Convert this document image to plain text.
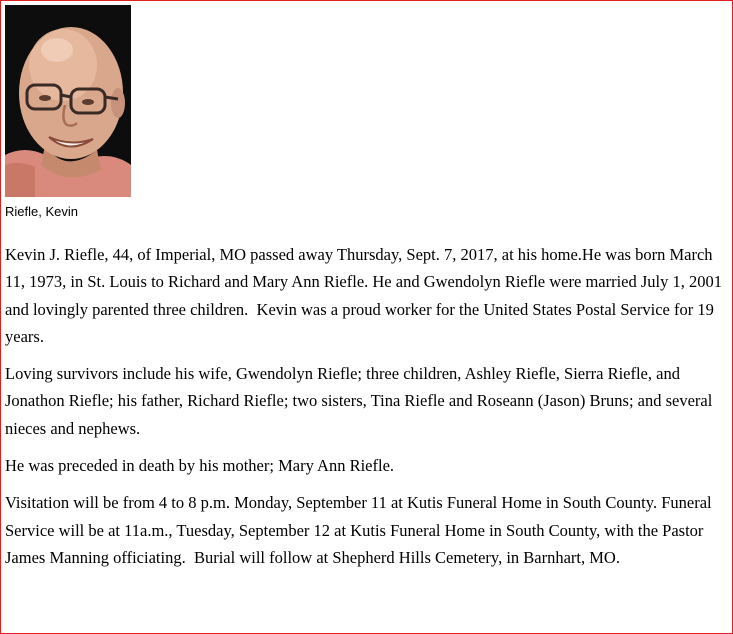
Riefle, Kevin

Kevin J. Riefle, 44, of Imperial, MO passed away Thursday, Sept. 7, 2017, at his home.He was born March 11, 1973, in St. Louis to Richard and Mary Ann Riefle. He and Gwendolyn Riefle were married July 1, 2001 and lovingly parented three children.  Kevin was a proud worker for the United States Postal Service for 19 years.

Loving survivors include his wife, Gwendolyn Riefle; three children, Ashley Riefle, Sierra Riefle, and Jonathon Riefle; his father, Richard Riefle; two sisters, Tina Riefle and Roseann (Jason) Bruns; and several nieces and nephews.

He was preceded in death by his mother; Mary Ann Riefle.

Visitation will be from 4 to 8 p.m. Monday, September 11 at Kutis Funeral Home in South County. Funeral Service will be at 11a.m., Tuesday, September 12 at Kutis Funeral Home in South County, with the Pastor James Manning officiating.  Burial will follow at Shepherd Hills Cemetery, in Barnhart, MO.
